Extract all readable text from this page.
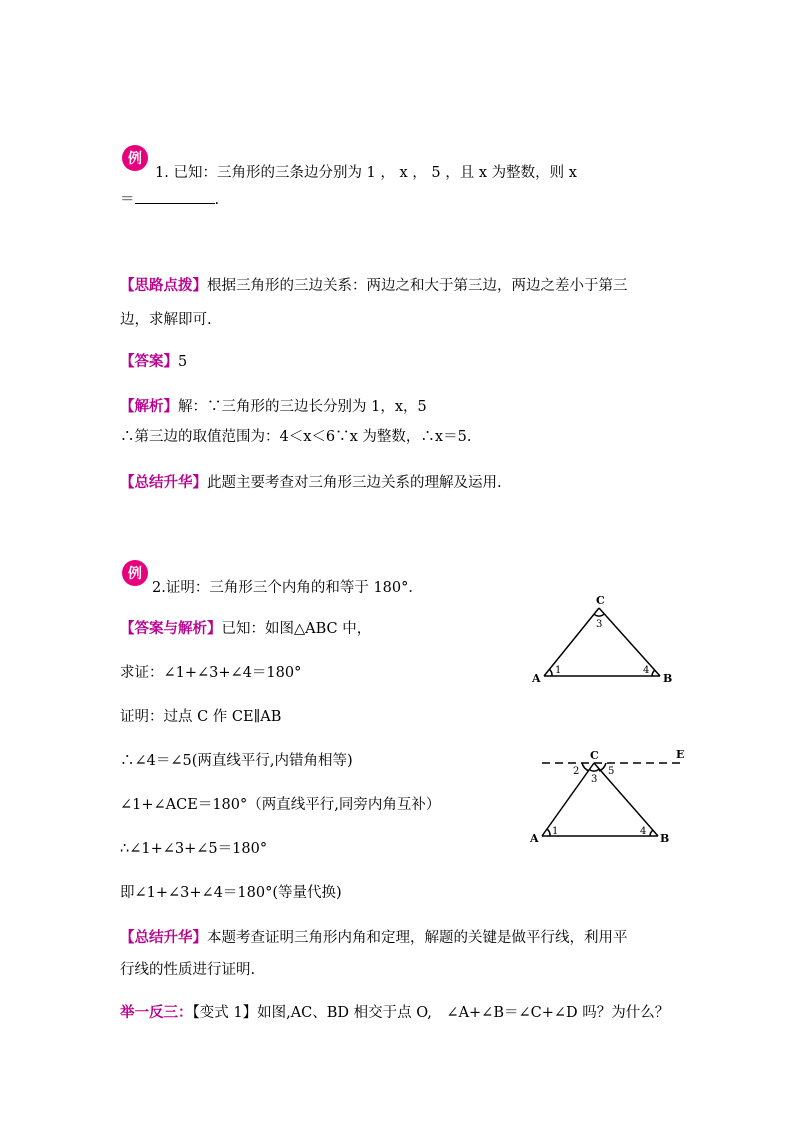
例
1. 已知：三角形的三条边分别为 1 ， x ， 5 ，且 x 为整数，则 x
＝	.
【思路点拨】根据三角形的三边关系：两边之和大于第三边，两边之差小于第三
边，求解即可.
【答案】5
【解析】解：∵三角形的三边长分别为 1，x，5
∴第三边的取值范围为：4＜x＜6∵x 为整数，∴x＝5.
【总结升华】此题主要考查对三角形三边关系的理解及运用.
例
2.证明：三角形三个内角的和等于 180°．
【答案与解析】已知：如图△ABC 中，
求证：∠1+∠3+∠4＝180°
证明：过点 C 作 CE∥AB
∴∠4＝∠5(两直线平行,内错角相等)
∠1+∠ACE＝180°（两直线平行,同旁内角互补）
∴∠1+∠3+∠5＝180°
即∠1+∠3+∠4＝180°(等量代换)
【总结升华】本题考查证明三角形内角和定理，解题的关键是做平行线，利用平
行线的性质进行证明.
举一反三：【变式 1】如图,AC、BD 相交于点 O,　∠A+∠B＝∠C+∠D 吗？为什么？
A	B
C
1
3
4
A	B
C	E
1
2
3
4
5
